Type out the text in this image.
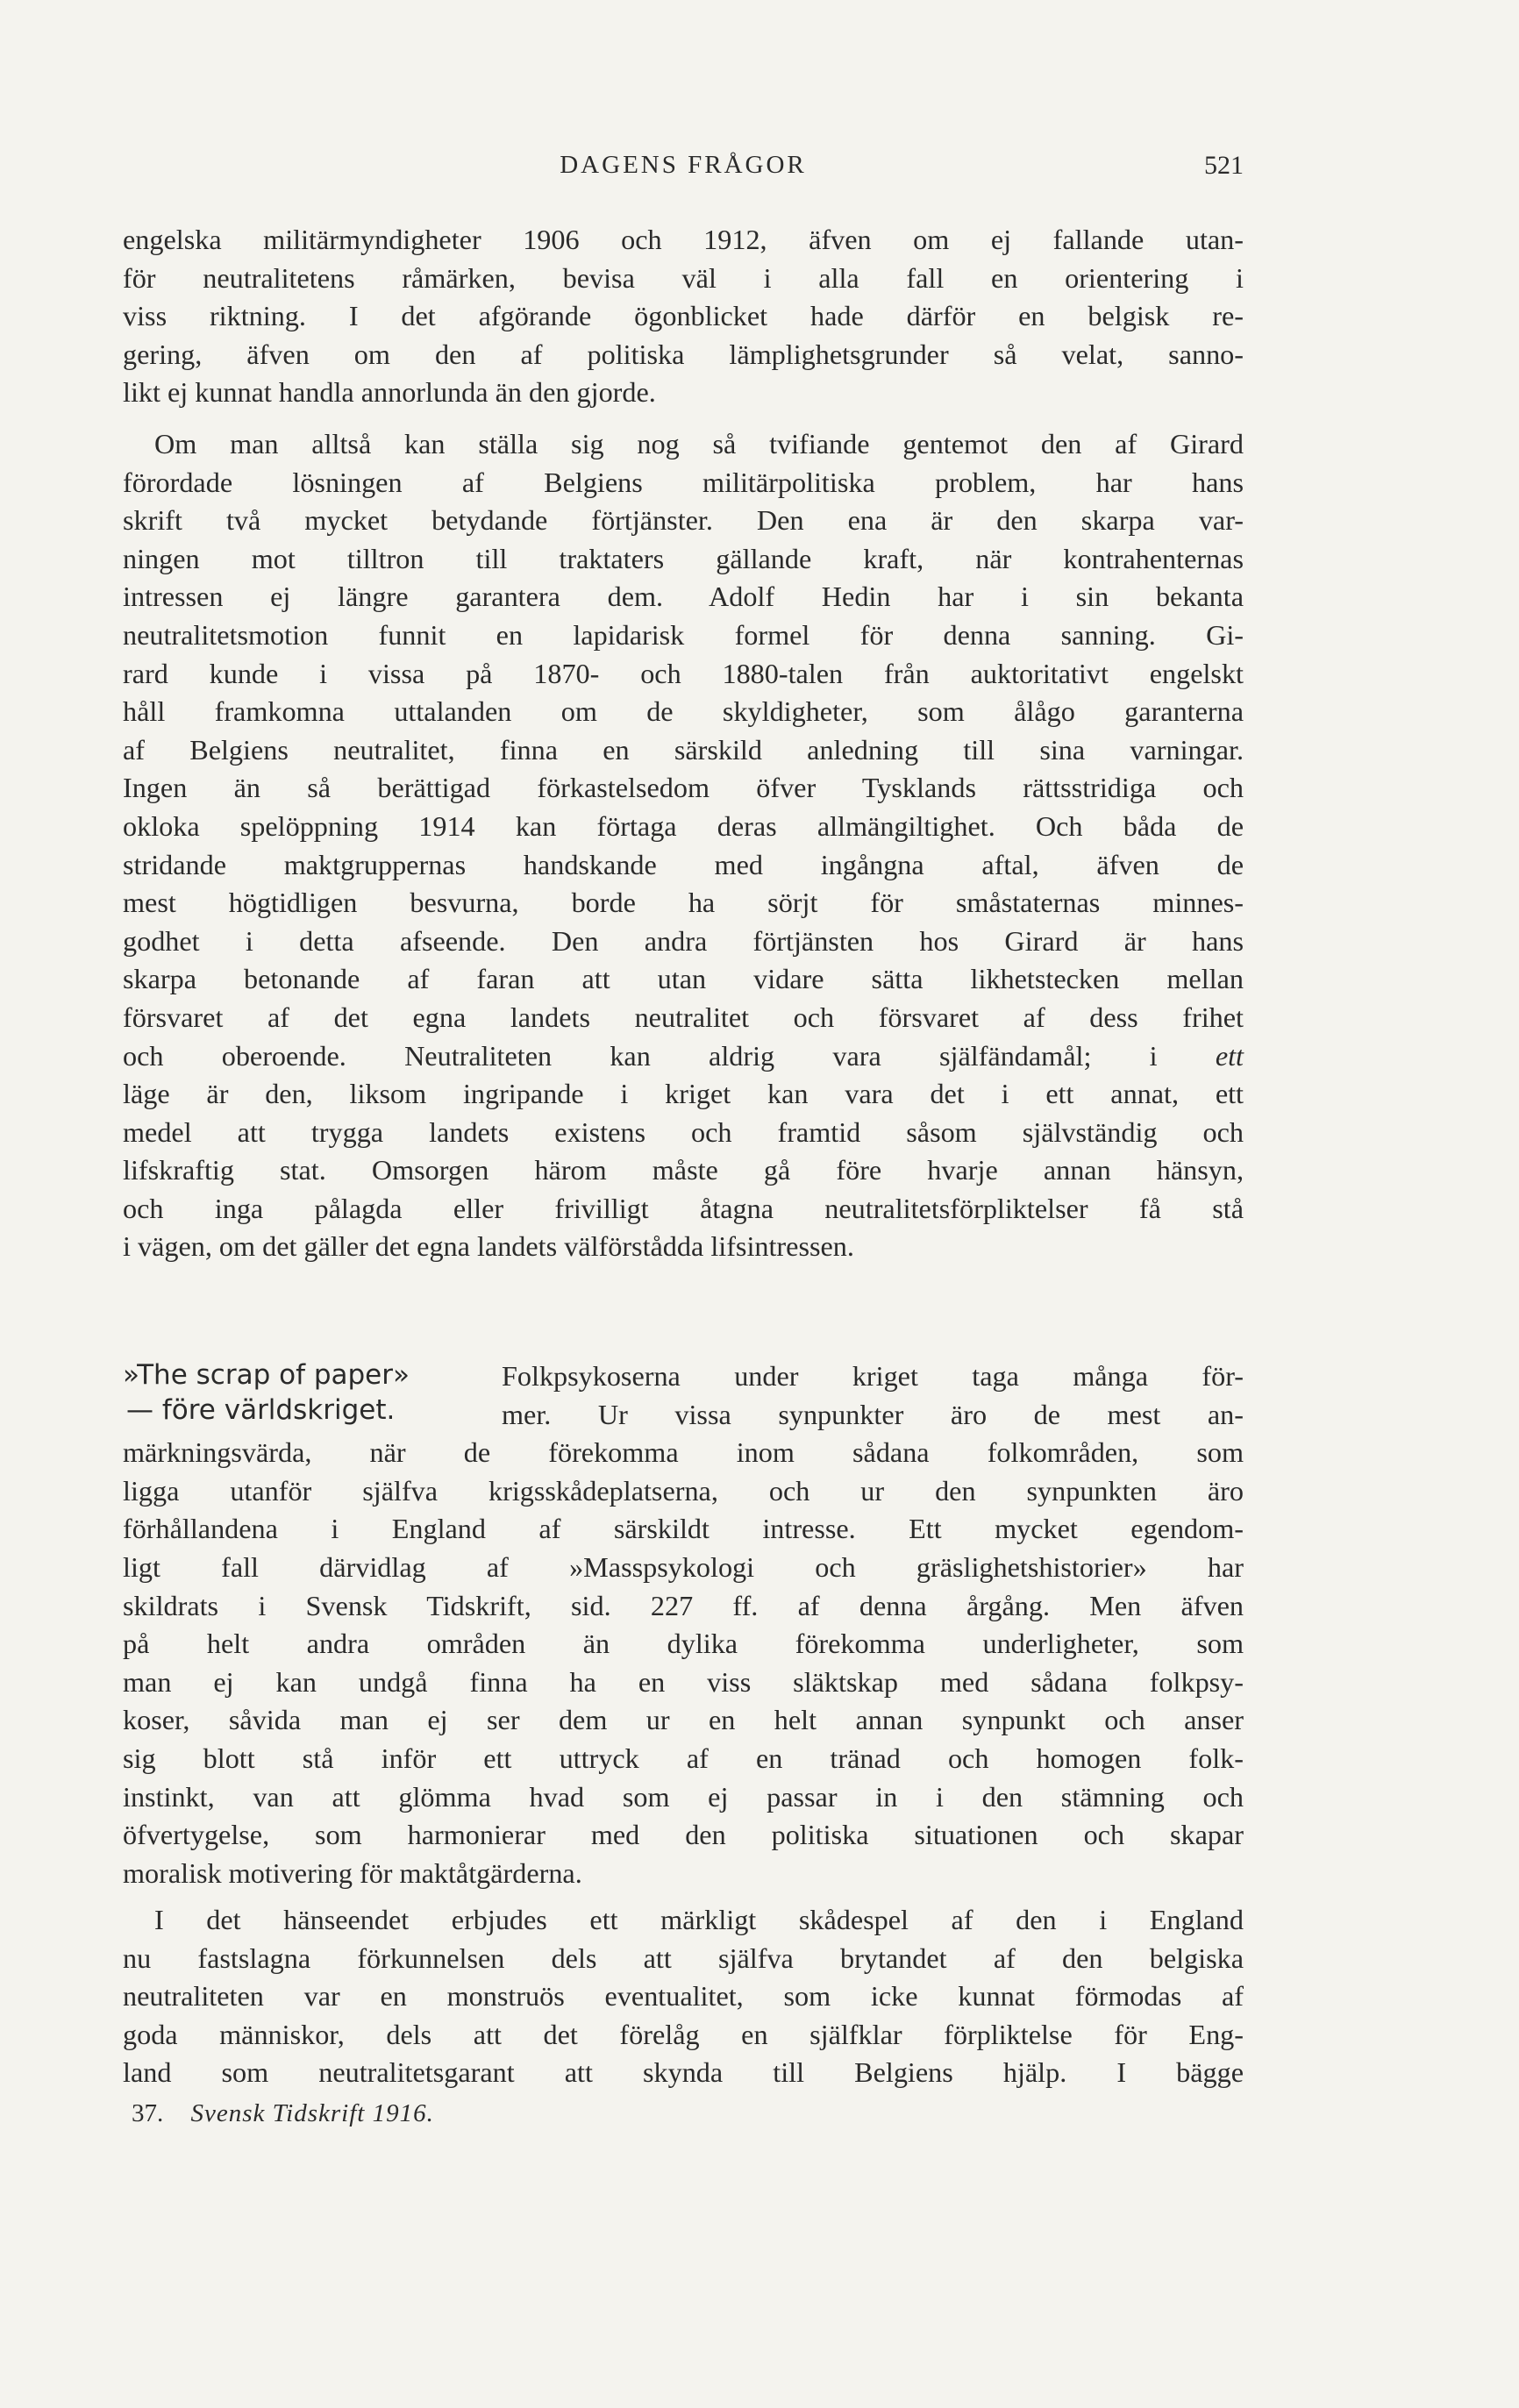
DAGENS FRÅGOR	521
engelska militärmyndigheter 1906 och 1912, äfven om ej fallande utan-
för neutralitetens råmärken, bevisa väl i alla fall en orientering i
viss riktning. I det afgörande ögonblicket hade därför en belgisk re-
gering, äfven om den af politiska lämplighetsgrunder så velat, sanno-
likt ej kunnat handla annorlunda än den gjorde.
Om man alltså kan ställa sig nog så tvifiande gentemot den af Girard
förordade lösningen af Belgiens militärpolitiska problem, har hans
skrift två mycket betydande förtjänster. Den ena är den skarpa var-
ningen mot tilltron till traktaters gällande kraft, när kontrahenternas
intressen ej längre garantera dem. Adolf Hedin har i sin bekanta
neutralitetsmotion funnit en lapidarisk formel för denna sanning. Gi-
rard kunde i vissa på 1870- och 1880-talen från auktoritativt engelskt
håll framkomna uttalanden om de skyldigheter, som ålågo garanterna
af Belgiens neutralitet, finna en särskild anledning till sina varningar.
Ingen än så berättigad förkastelsedom öfver Tysklands rättsstridiga och
okloka spelöppning 1914 kan förtaga deras allmängiltighet. Och båda de
stridande maktgruppernas handskande med ingångna aftal, äfven de
mest högtidligen besvurna, borde ha sörjt för småstaternas minnes-
godhet i detta afseende. Den andra förtjänsten hos Girard är hans
skarpa betonande af faran att utan vidare sätta likhetstecken mellan
försvaret af det egna landets neutralitet och försvaret af dess frihet
och oberoende. Neutraliteten kan aldrig vara själfändamål; i ett
läge är den, liksom ingripande i kriget kan vara det i ett annat, ett
medel att trygga landets existens och framtid såsom självständig och
lifskraftig stat. Omsorgen härom måste gå före hvarje annan hänsyn,
och inga pålagda eller frivilligt åtagna neutralitetsförpliktelser få stå
i vägen, om det gäller det egna landets välförstådda lifsintressen.
»The scrap of paper»
— före världskriget.
Folkpsykoserna under kriget taga många för-
mer. Ur vissa synpunkter äro de mest an-
märkningsvärda, när de förekomma inom sådana folkområden, som
ligga utanför själfva krigsskådeplatserna, och ur den synpunkten äro
förhållandena i England af särskildt intresse. Ett mycket egendom-
ligt fall därvidlag af »Masspsykologi och gräslighetshistorier» har
skildrats i Svensk Tidskrift, sid. 227 ff. af denna årgång. Men äfven
på helt andra områden än dylika förekomma underligheter, som
man ej kan undgå finna ha en viss släktskap med sådana folkpsy-
koser, såvida man ej ser dem ur en helt annan synpunkt och anser
sig blott stå inför ett uttryck af en tränad och homogen folk-
instinkt, van att glömma hvad som ej passar in i den stämning och
öfvertygelse, som harmonierar med den politiska situationen och skapar
moralisk motivering för maktåtgärderna.
I det hänseendet erbjudes ett märkligt skådespel af den i England
nu fastslagna förkunnelsen dels att själfva brytandet af den belgiska
neutraliteten var en monstruös eventualitet, som icke kunnat förmodas af
goda människor, dels att det förelåg en själfklar förpliktelse för Eng-
land som neutralitetsgarant att skynda till Belgiens hjälp. I bägge
37. Svensk Tidskrift 1916.
